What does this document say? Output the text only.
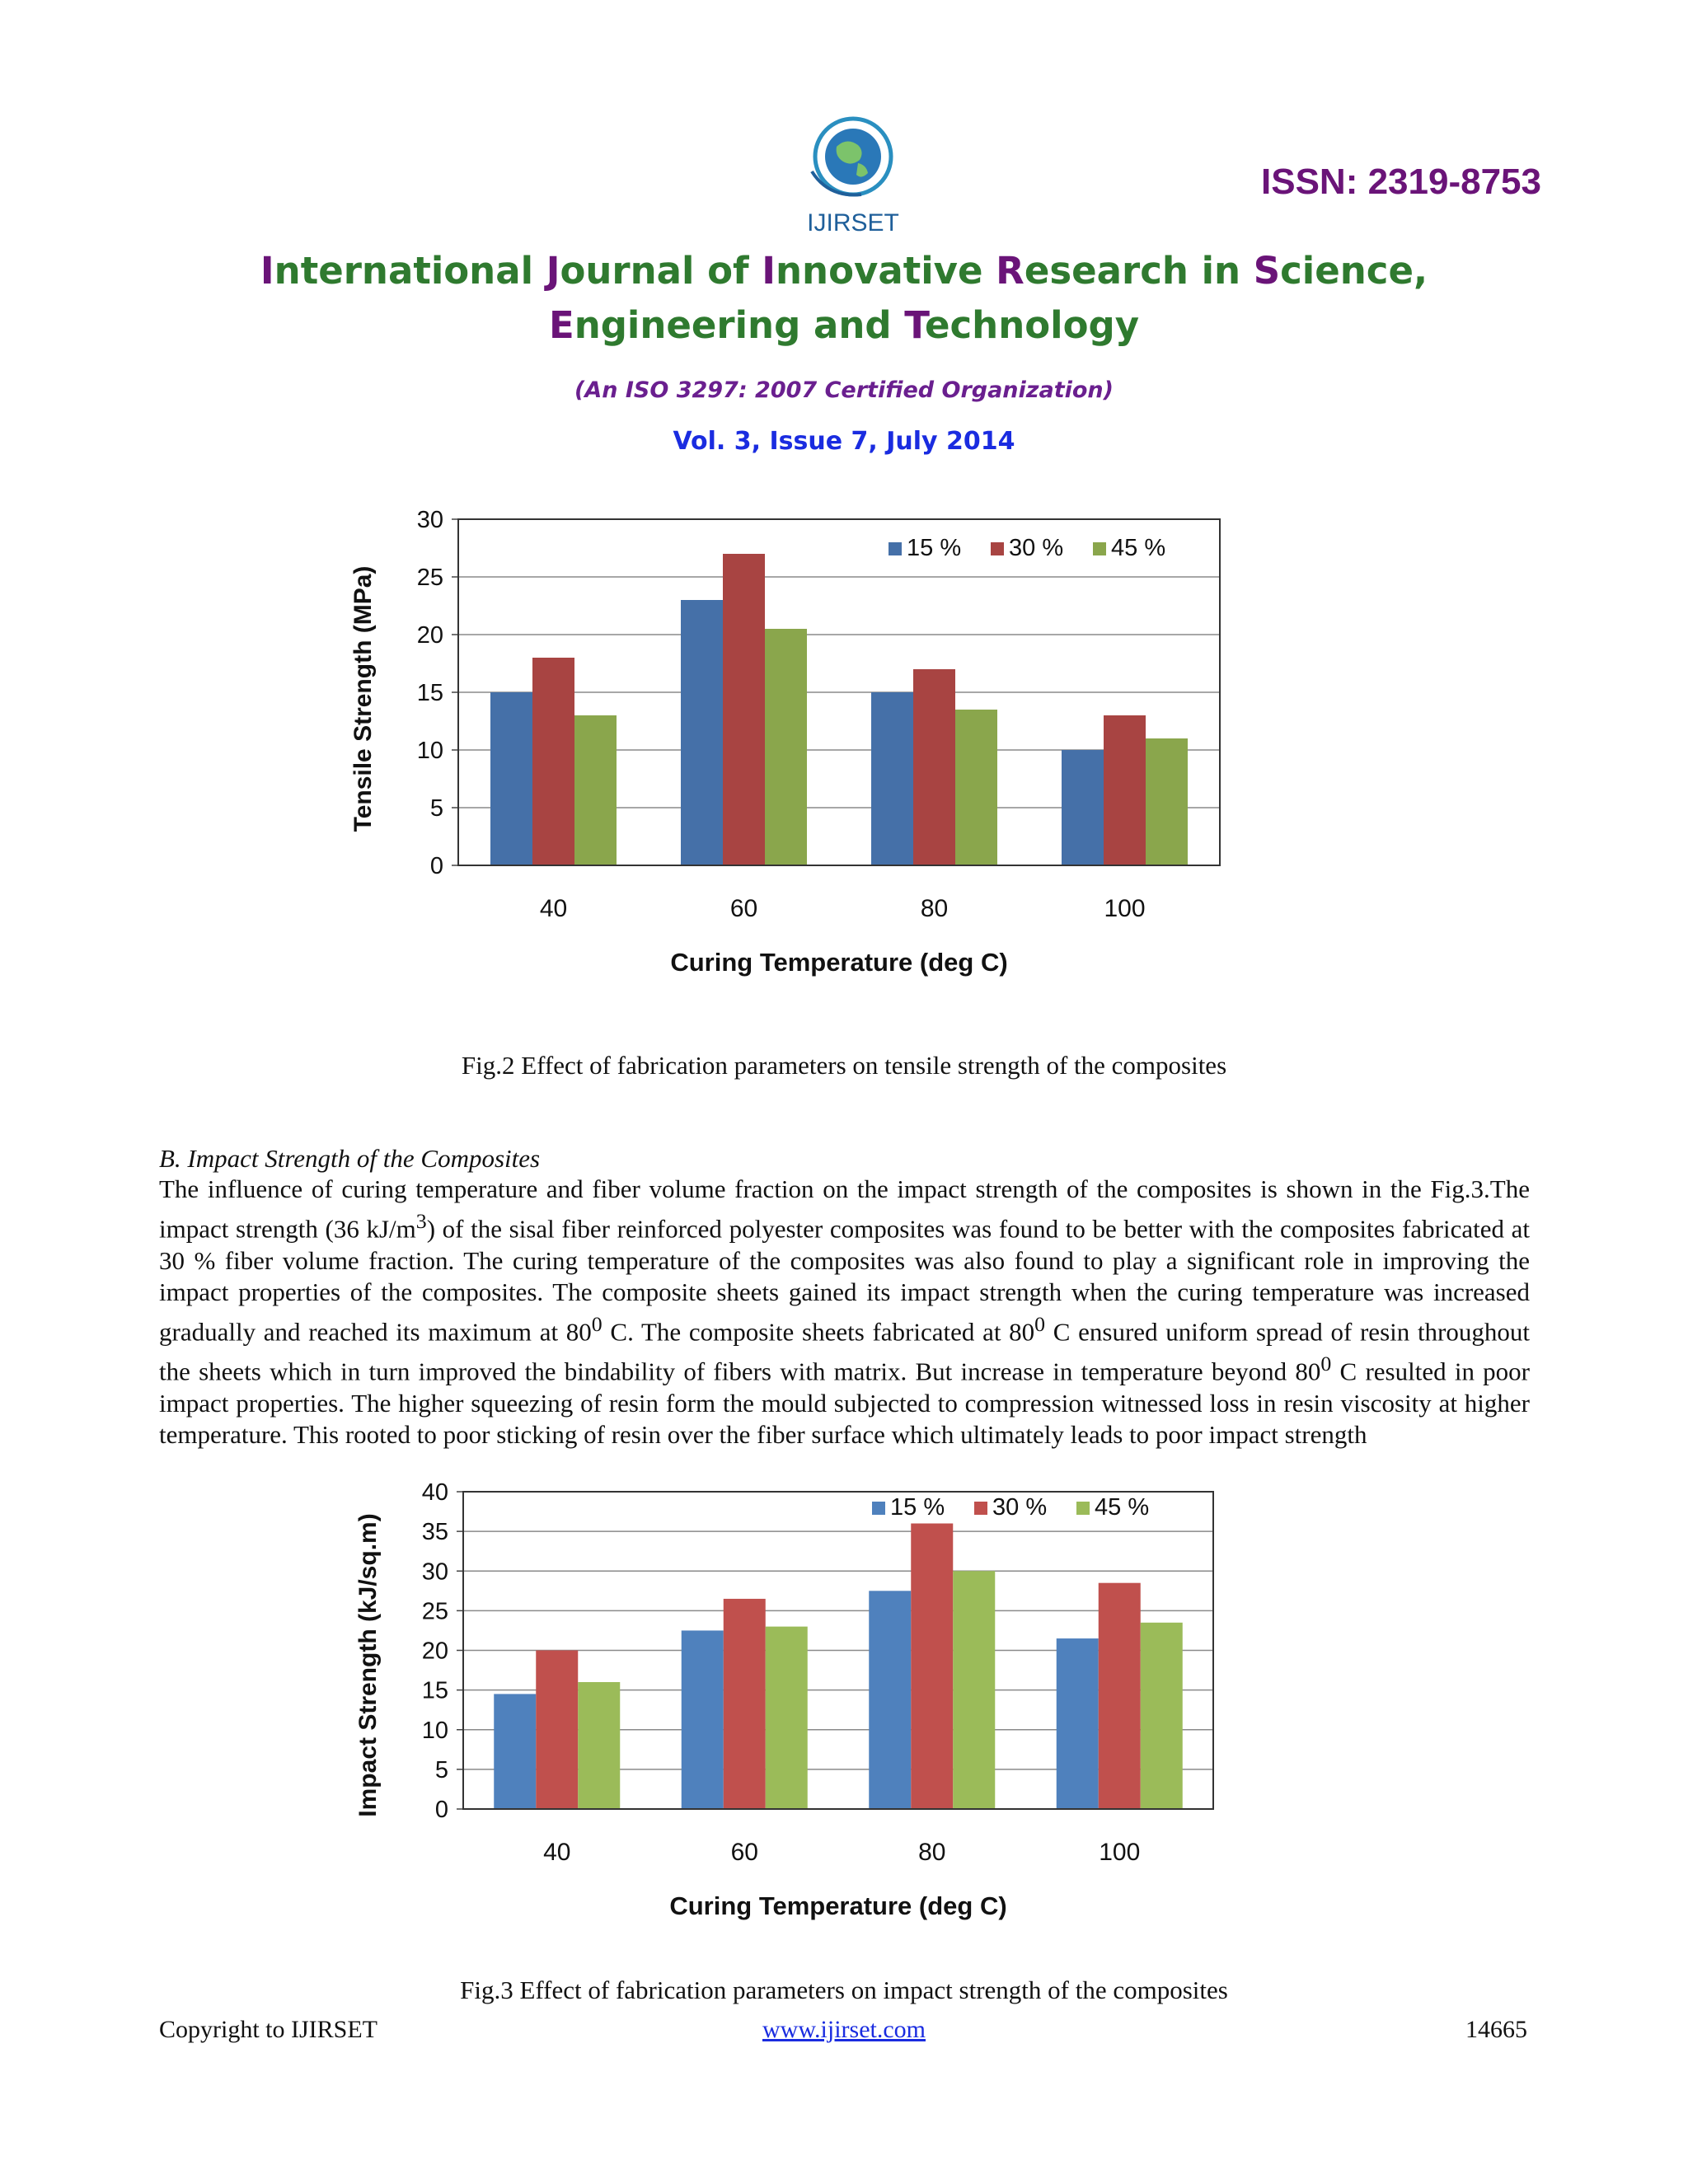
IJIRSET
ISSN: 2319-8753
International Journal of Innovative Research in Science,
Engineering and Technology
(An ISO 3297: 2007 Certified Organization)
Vol. 3, Issue 7, July 2014
0
5
10
15
20
25
30
40	60	80	100
Curing Temperature (deg C)
Tensile Strength (MPa)
15 % 30 % 45 %
Fig.2 Effect of fabrication parameters on tensile strength of the composites
B. Impact Strength of the Composites
The influence of curing temperature and fiber volume fraction on the impact strength of the composites is shown in the Fig.3.The impact strength (36 $kJ/m^3$) of the sisal fiber reinforced polyester composites was found to be better with the composites fabricated at 30 % fiber volume fraction. The curing temperature of the composites was also found to play a significant role in improving the impact properties of the composites. The composite sheets gained its impact strength when the curing temperature was increased gradually and reached its maximum at $80^0$ C. The composite sheets fabricated at $80^0$ C ensured uniform spread of resin throughout the sheets which in turn improved the bindability of fibers with matrix. But increase in temperature beyond $80^0$ C resulted in poor impact properties. The higher squeezing of resin form the mould subjected to compression witnessed loss in resin viscosity at higher temperature. This rooted to poor sticking of resin over the fiber surface which ultimately leads to poor impact strength
0
5
10
15
20
25
30
35
40
40	60	80	100
Curing Temperature (deg C)
Impact Strength (kJ/sq.m)
15 % 30 % 45 %
Fig.3 Effect of fabrication parameters on impact strength of the composites
Copyright to IJIRSET	www.ijirset.com	14665
